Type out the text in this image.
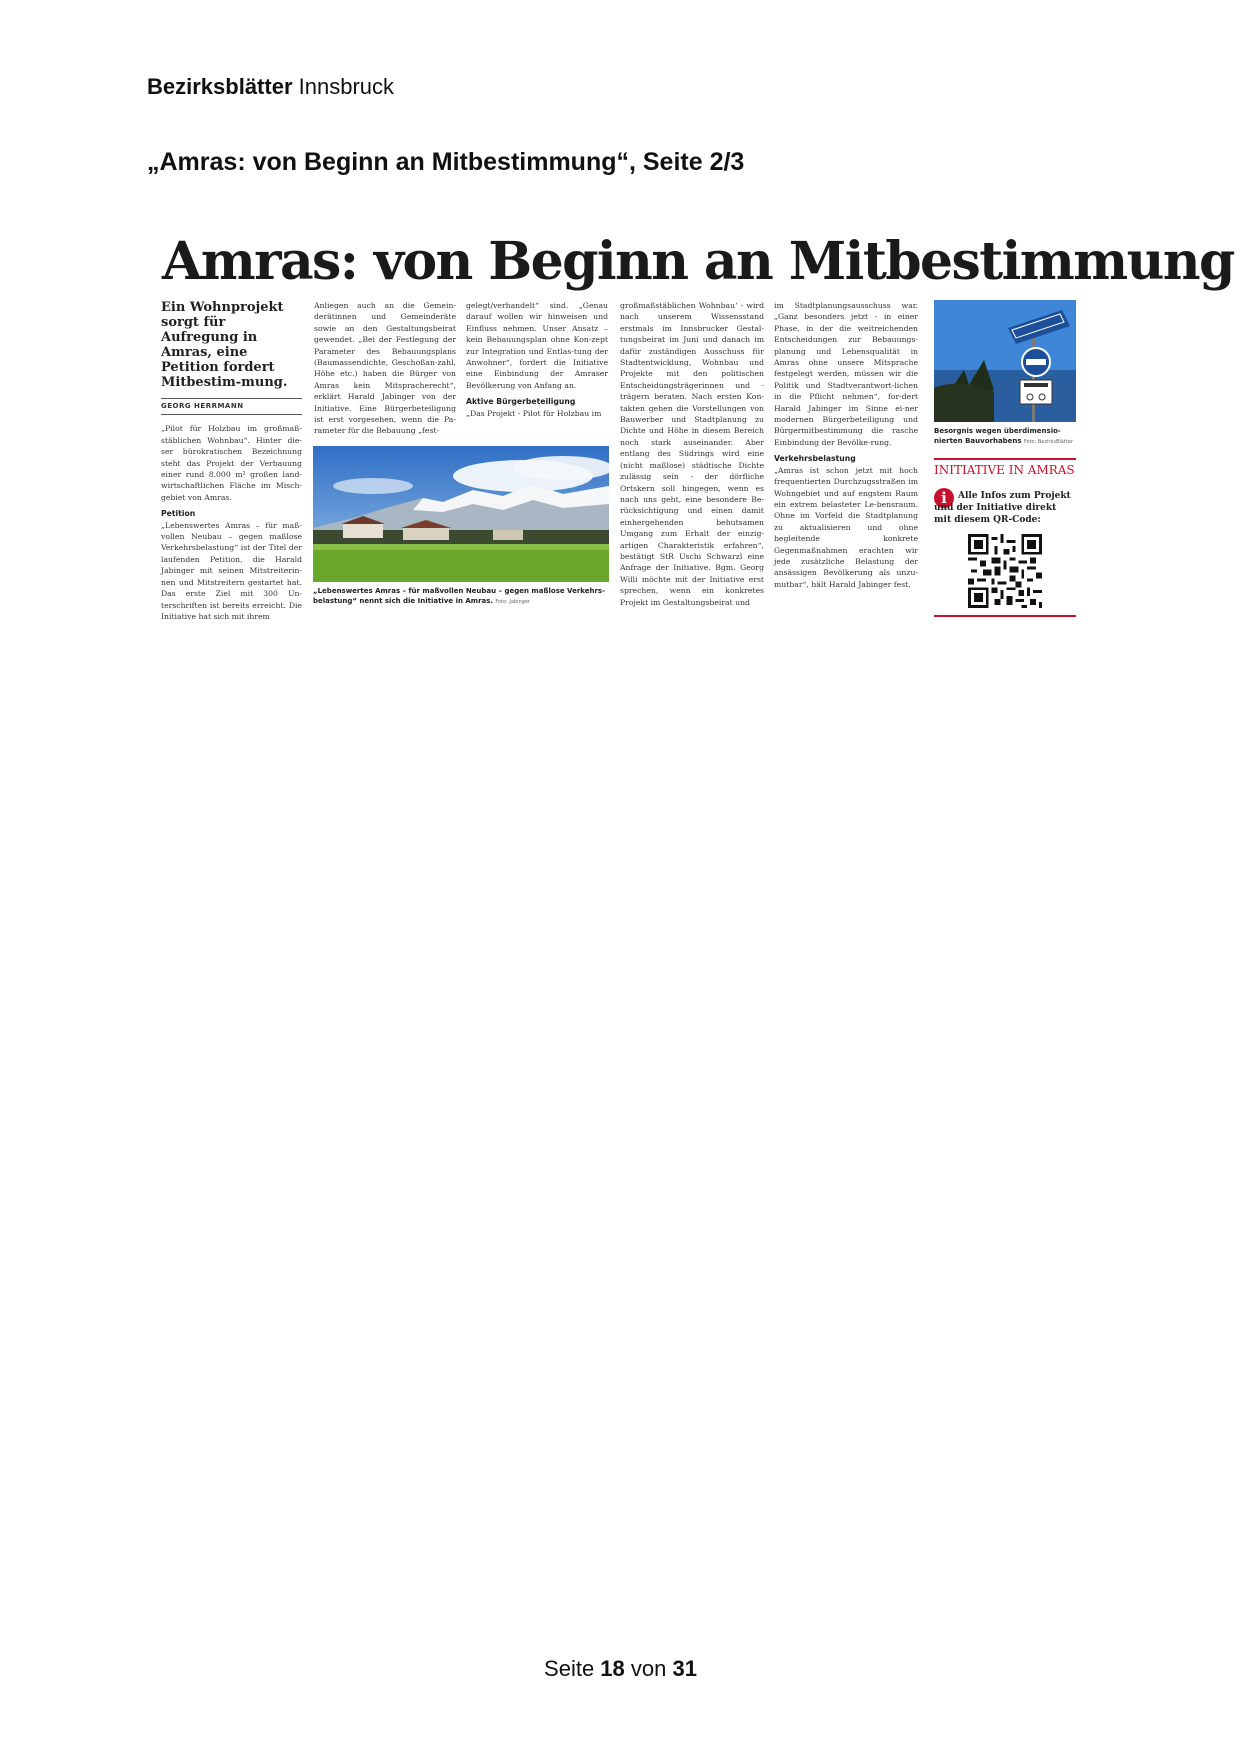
Bezirksblätter Innsbruck
„Amras: von Beginn an Mitbestimmung“, Seite 2/3
Amras: von Beginn an Mitbestimmung
Ein Wohnprojekt sorgt für Aufregung in Amras, eine Petition fordert Mitbestim-mung.
GEORG HERRMANN

„Pilot für Holzbau im großmaß-stäblichen Wohnbau“. Hinter die-ser bürokratischen Bezeichnung steht das Projekt der Verbauung einer rund 8.000 m² großen land-wirtschaftlichen Fläche im Misch-gebiet von Amras.

Petition

„Lebenswertes Amras – für maß-vollen Neubau – gegen maßlose Verkehrsbelastung“ ist der Titel der laufenden Petition, die Harald Jabinger mit seinen Mitstreiterin-nen und Mitstreitern gestartet hat. Das erste Ziel mit 300 Un-terschriften ist bereits erreicht. Die Initiative hat sich mit ihrem

Anliegen auch an die Gemein-derätinnen und Gemeinderäte sowie an den Gestaltungsbeirat gewendet. „Bei der Festlegung der Parameter des Bebauungsplans (Baumassendichte, Geschoßan-zahl, Höhe etc.) haben die Bürger von Amras kein Mitspracherecht“, erklärt Harald Jabinger von der Initiative. Eine Bürgerbeteiligung ist erst vorgesehen, wenn die Pa-rameter für die Bebauung „fest-

gelegt/verhandelt“ sind. „Genau darauf wollen wir hinweisen und Einfluss nehmen. Unser Ansatz – kein Bebauungsplan ohne Kon-zept zur Integration und Entlas-tung der Anwohner“, fordert die Initiative eine Einbindung der Amraser Bevölkerung von Anfang an.

Aktive Bürgerbeteiligung

„Das Projekt - Pilot für Holzbau im

„Lebenswertes Amras – für maßvollen Neubau – gegen maßlose Verkehrs-belastung“ nennt sich die Initiative in Amras. Foto: Jabinger

großmaßstäblichen Wohnbau‘ - wird nach unserem Wissensstand erstmals im Innsbrucker Gestal-tungsbeirat im Juni und danach im dafür zuständigen Ausschuss für Stadtentwicklung, Wohnbau und Projekte mit den politischen Entscheidungsträgerinnen und -trägern beraten. Nach ersten Kon-takten gehen die Vorstellungen von Bauwerber und Stadtplanung zu Dichte und Höhe in diesem Bereich noch stark auseinander. Aber entlang des Südrings wird eine (nicht maßlose) städtische Dichte zulässig sein - der dörfliche Ortskern soll hingegen, wenn es nach uns geht, eine besondere Be-rücksichtigung und einen damit einhergehenden behutsamen Umgang zum Erhalt der einzig-artigen Charakteristik erfahren“, bestätigt StR Uschi Schwarzl eine Anfrage der Initiative. Bgm. Georg Willi möchte mit der Initiative erst sprechen, wenn ein konkretes Projekt im Gestaltungsbeirat und

im Stadtplanungsausschuss war. „Ganz besonders jetzt - in einer Phase, in der die weitreichenden Entscheidungen zur Bebauungs-planung und Lebensqualität in Amras ohne unsere Mitsprache festgelegt werden, müssen wir die Politik und Stadtverantwort-lichen in die Pflicht nehmen“, for-dert Harald Jabinger im Sinne ei-ner modernen Bürgerbeteiligung und Bürgermitbestimmung die rasche Einbindung der Bevölke-rung.

Verkehrsbelastung

„Amras ist schon jetzt mit hoch frequentierten Durchzugsstraßen im Wohngebiet und auf engstem Raum ein extrem belasteter Le-bensraum. Ohne im Vorfeld die Stadtplanung zu aktualisieren und ohne begleitende konkrete Gegenmaßnahmen erachten wir jede zusätzliche Belastung der ansässigen Bevölkerung als unzu-mutbar“, hält Harald Jabinger fest.

Besorgnis wegen überdimensio-nierten Bauvorhabens Foto: BezirksBlätter
INITIATIVE IN AMRAS
i	Alle Infos zum Projekt und der Initiative direkt mit diesem QR-Code:
Seite 18 von 31
